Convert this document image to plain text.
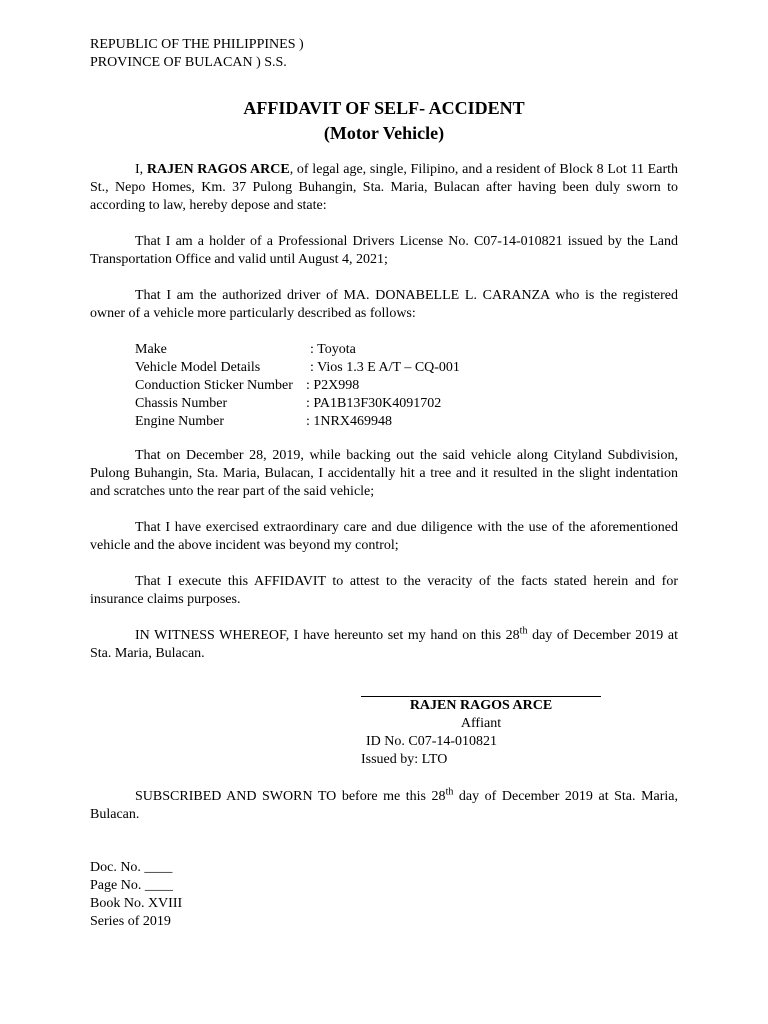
REPUBLIC OF THE PHILIPPINES )
PROVINCE OF BULACAN ) S.S.
AFFIDAVIT OF SELF- ACCIDENT
(Motor Vehicle)
I, RAJEN RAGOS ARCE, of legal age, single, Filipino, and a resident of Block 8 Lot 11 Earth St., Nepo Homes, Km. 37 Pulong Buhangin, Sta. Maria, Bulacan after having been duly sworn to according to law, hereby depose and state:
That I am a holder of a Professional Drivers License No. C07-14-010821 issued by the Land Transportation Office and valid until August 4, 2021;
That I am the authorized driver of MA. DONABELLE L. CARANZA who is the registered owner of a vehicle more particularly described as follows:
Make	: Toyota
Vehicle Model Details	: Vios 1.3 E A/T – CQ-001
Conduction Sticker Number : P2X998
Chassis Number	: PA1B13F30K4091702
Engine Number	: 1NRX469948
That on December 28, 2019, while backing out the said vehicle along Cityland Subdivision, Pulong Buhangin, Sta. Maria, Bulacan, I accidentally hit a tree and it resulted in the slight indentation and scratches unto the rear part of the said vehicle;
That I have exercised extraordinary care and due diligence with the use of the aforementioned vehicle and the above incident was beyond my control;
That I execute this AFFIDAVIT to attest to the veracity of the facts stated herein and for insurance claims purposes.
IN WITNESS WHEREOF, I have hereunto set my hand on this 28th day of December 2019 at Sta. Maria, Bulacan.
RAJEN RAGOS ARCE
Affiant
ID No. C07-14-010821
Issued by: LTO
SUBSCRIBED AND SWORN TO before me this 28th day of December 2019 at Sta. Maria, Bulacan.
Doc. No. ____
Page No. ____
Book No. XVIII
Series of 2019
